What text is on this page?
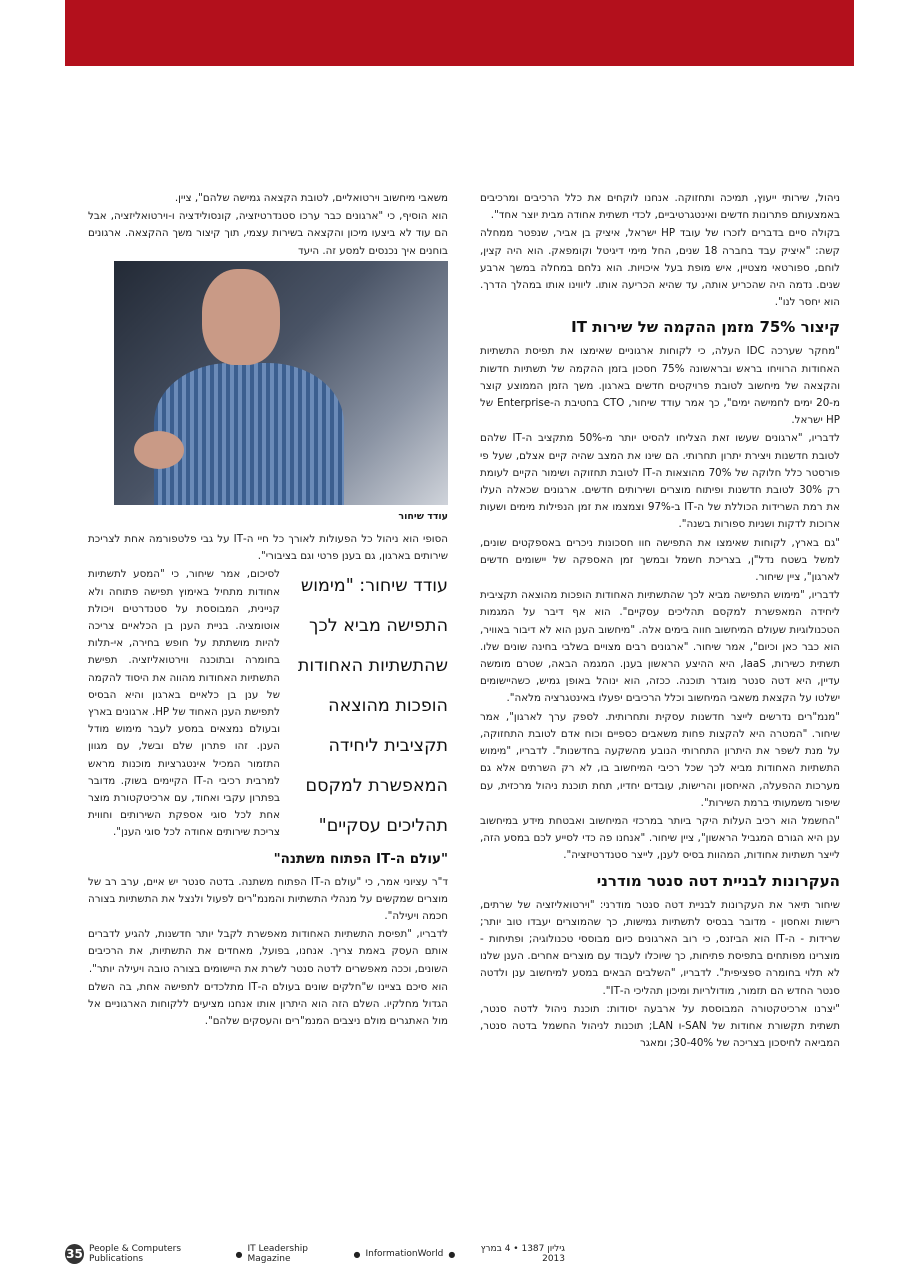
ניהול, שירותי ייעוץ, תמיכה ותחזוקה. אנחנו לוקחים את כלל הרכיבים ומרכיבים באמצעותם פתרונות חדשים ואינטגרטיביים, לכדי תשתית אחודה מבית יוצר אחד".

בקולה סיים בדברים לזכרו של עובד HP ישראל, איציק בן אביר, שנפטר ממחלה קשה: "איציק עבד בחברה 18 שנים, החל מימי דיגיטל וקומפאק. הוא היה קצין, לוחם, ספורטאי מצטיין, איש מופת בעל איכויות. הוא נלחם במחלה במשך ארבע שנים. נדמה היה שהכריע אותה, עד שהיא הכריעה אותו. ליווינו אותו במהלך הדרך. הוא יחסר לנו".

קיצור 75% מזמן ההקמה של שירות IT

"מחקר שערכה IDC העלה, כי לקוחות ארגוניים שאימצו את תפיסת התשתיות האחודות הרוויחו בראש ובראשונה 75% חסכון בזמן ההקמה של תשתיות חדשות והקצאה של מיחשוב לטובת פרויקטים חדשים בארגון. משך הזמן הממוצע קוצר מ-20 ימים לחמישה ימים", כך אמר עודד שיחור, CTO בחטיבת ה-Enterprise של HP ישראל.

לדבריו, "ארגונים שעשו זאת הצליחו להסיט יותר מ-50% מתקציב ה-IT שלהם לטובת חדשנות ויצירת יתרון תחרותי. הם שינו את המצב שהיה קיים אצלם, שעל פי פורסטר כלל חלוקה של 70% מהוצאות ה-IT לטובת תחזוקה ושימור הקיים לעומת רק 30% לטובת חדשנות ופיתוח מוצרים ושירותים חדשים. ארגונים שכאלה העלו את רמת השרידות הכוללת של ה-IT ב-97% וצמצמו את זמן הנפילות מימים ושעות ארוכות לדקות ושניות ספורות בשנה".

"גם בארץ, לקוחות שאימצו את התפישה חוו חסכונות ניכרים באספקטים שונים, למשל בשטח נדל"ן, בצריכת חשמל ובמשך זמן האספקה של יישומים חדשים לארגון", ציין שיחור.

לדבריו, "מימוש התפישה מביא לכך שהתשתיות האחודות הופכות מהוצאה תקציבית ליחידה המאפשרת למקסם תהליכים עסקיים". הוא אף דיבר על המגמות הטכנולוגיות שעולם המיחשוב חווה בימים אלה. "מיחשוב הענן הוא לא דיבור באוויר, הוא כבר כאן וכיום", אמר שיחור. "ארגונים רבים מצויים בשלבי בחינה שונים שלו. תשתית כשירות, IaaS, היא ההיצע הראשון בענן. המגמה הבאה, שטרם מומשה עדיין, היא דטה סנטר מוגדר תוכנה. ככזה, הוא ינוהל באופן גמיש, כשהיישומים ישלטו על הקצאת משאבי המיחשוב וכלל הרכיבים יפעלו באינטגרציה מלאה".

"מנמ"רים נדרשים לייצר חדשנות עסקית ותחרותית. לספק ערך לארגון", אמר שיחור. "המטרה היא להקצות פחות משאבים כספיים וכוח אדם לטובת התחזוקה, על מנת לשפר את היתרון התחרותי הנובע מהשקעה בחדשנות". לדבריו, "מימוש התשתיות האחודות מביא לכך שכל רכיבי המיחשוב בו, לא רק השרתים אלא גם מערכות ההפעלה, האיחסון והרישות, עובדים יחדיו, תחת תוכנת ניהול מרכזית, עם שיפור משמעותי ברמת השירות".

"החשמל הוא רכיב העלות היקר ביותר במרכזי המיחשוב ואבטחת מידע במיחשוב ענן היא הגורם המגביל הראשון", ציין שיחור. "אנחנו פה כדי לסייע לכם במסע הזה, לייצר תשתיות אחודות, המהוות בסיס לענן, לייצר סטנדרטיזציה".

העקרונות לבניית דטה סנטר מודרני

שיחור תיאר את העקרונות לבניית דטה סנטר מודרני: "וירטואליזציה של שרתים, רישות ואחסון - מדובר בבסיס לתשתיות גמישות, כך שהמוצרים יעבדו טוב יותר; שרידות - ה-IT הוא הביזנס, כי רוב הארגונים כיום מבוססי טכנולוגיה; ופתיחות - מוצרינו מפותחים בתפיסת פתיחות, כך שיוכלו לעבוד עם מוצרים אחרים. הענן שלנו לא תלוי בחומרה ספציפית". לדבריו, "השלבים הבאים במסע למיחשוב ענן ולדטה סנטר החדש הם תזמור, מודולריות ומיכון תהליכי ה-IT".

"יצרנו ארכיטקטורה המבוססת על ארבעה יסודות: תוכנת ניהול לדטה סנטר, תשתית תקשורת אחודות של SAN-ו LAN; תוכנות לניהול החשמל בדטה סנטר, המביאה לחיסכון בצריכה של 30-40%; ומאגר

משאבי מיחשוב וירטואליים, לטובת הקצאה גמישה שלהם", ציין.

הוא הוסיף, כי "ארגונים כבר ערכו סטנדרטיזציה, קונסולידציה ו-וירטואליזציה, אבל הם עוד לא ביצעו מיכון והקצאה בשירות עצמי, תוך קיצור משך ההקצאה. ארגונים בוחנים איך נכנסים למסע זה. היעד

עודד שיחור

הסופי הוא ניהול כל הפעולות לאורך כל חיי ה-IT על גבי פלטפורמה אחת לצריכת שירותים בארגון, גם בענן פרטי וגם בציבורי".

עודד שיחור: "מימוש התפישה מביא לכך שהתשתיות האחודות הופכות מהוצאה תקציבית ליחידה המאפשרת למקסם תהליכים עסקיים"

לסיכום, אמר שיחור, כי "המסע לתשתיות אחודות מתחיל באימוץ תפישה פתוחה ולא קניינית, המבוססת על סטנדרטים ויכולת אוטומציה. בניית הענן בן הכלאיים צריכה להיות מושתתת על חופש בחירה, אי-תלות בחומרה ובתוכנה ווירטואליזציה. תפישת התשתיות האחודות מהווה את היסוד להקמה של ענן בן כלאיים בארגון והיא הבסיס לתפישת הענן האחוד של HP. ארגונים בארץ ובעולם נמצאים במסע לעבר מימוש מודל הענן. זהו פתרון שלם ובשל, עם מגוון התזמור המכיל אינטגרציות מוכנות מראש למרבית רכיבי ה-IT הקיימים בשוק. מדובר בפתרון עקבי ואחוד, עם ארכיטקטורת מוצר אחת לכל סוגי אספקת השירותים וחווית צריכת שירותים אחודה לכל סוגי הענן".

"עולם ה-IT הפתוח משתנה"

ד"ר עציוני אמר, כי "עולם ה-IT הפתוח משתנה. בדטה סנטר יש איים, ערב רב של מוצרים שמקשים על מנהלי התשתיות והמנמ"רים לפעול ולנצל את התשתיות בצורה חכמה ויעילה".

לדבריו, "תפיסת התשתיות האחודות מאפשרת לקבל יותר חדשנות, להגיע לדברים אותם העסק באמת צריך. אנחנו, בפועל, מאחדים את התשתיות, את הרכיבים השונים, וככה מאפשרים לדטה סנטר לשרת את היישומים בצורה טובה ויעילה יותר".

הוא סיכם בציינו ש"חלקים שונים בעולם ה-IT מתלכדים לתפישה אחת, בה השלם הגדול מחלקיו. השלם הזה הוא היתרון אותו אנחנו מציעים ללקוחות הארגוניים אל מול האתגרים מולם ניצבים המנמ"רים והעסקים שלהם".

35 People & Computers Publications	● IT Leadership Magazine	● InformationWorld ●	גיליון 1387 • 4 במרץ 2013
